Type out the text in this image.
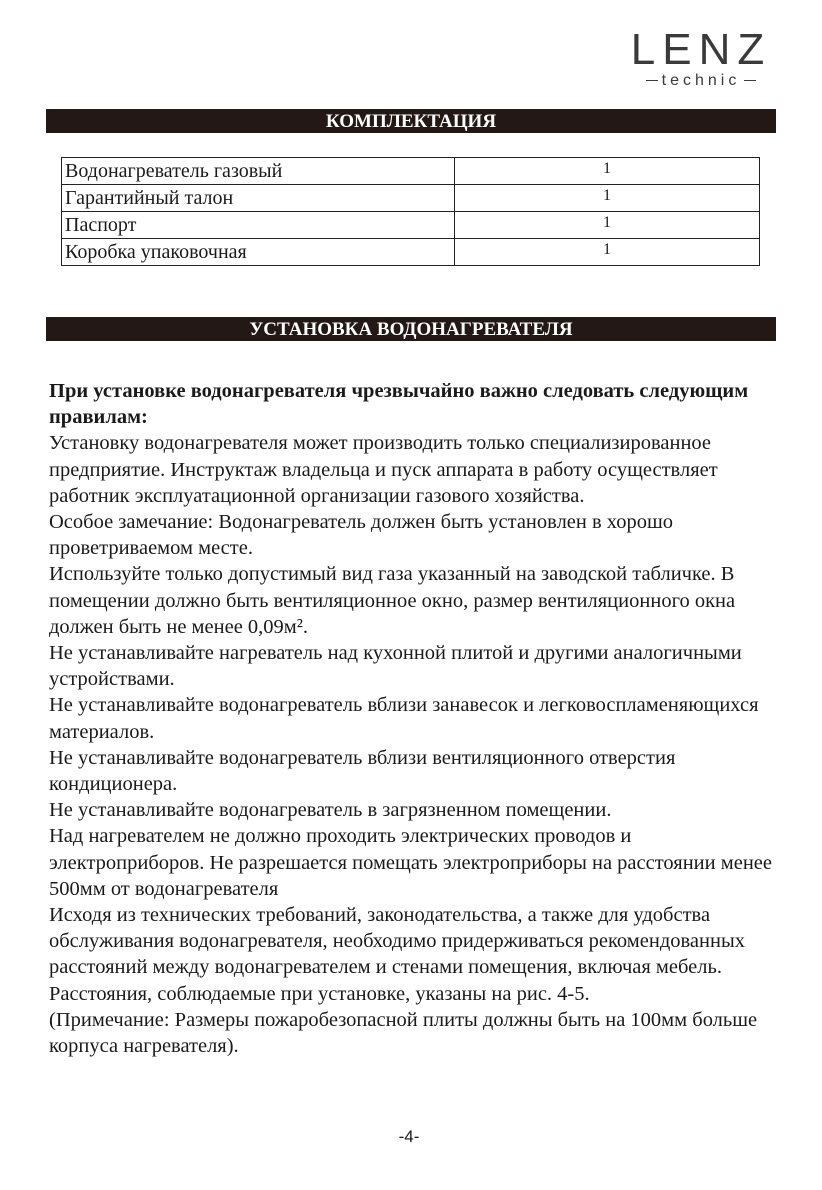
LENZ
technic
КОМПЛЕКТАЦИЯ
Водонагреватель газовый	1
Гарантийный талон	1
Паспорт	1
Коробка упаковочная	1
УСТАНОВКА ВОДОНАГРЕВАТЕЛЯ

При установке водонагревателя чрезвычайно важно следовать следующим правилам:

Установку водонагревателя может производить только специализированное предприятие. Инструктаж владельца и пуск аппарата в работу осуществляет работник эксплуатационной организации газового хозяйства.

Особое замечание: Водонагреватель должен быть установлен в хорошо проветриваемом месте.

Используйте только допустимый вид газа указанный на заводской табличке. В помещении должно быть вентиляционное окно, размер вентиляционного окна должен быть не менее 0,09м².

Не устанавливайте нагреватель над кухонной плитой и другими аналогичными устройствами.

Не устанавливайте водонагреватель вблизи занавесок и легковоспламеняющихся материалов.

Не устанавливайте водонагреватель вблизи вентиляционного отверстия кондиционера.

Не устанавливайте водонагреватель в загрязненном помещении.

Над нагревателем не должно проходить электрических проводов и электроприборов. Не разрешается помещать электроприборы на расстоянии менее 500мм от водонагревателя

Исходя из технических требований, законодательства, а также для удобства обслуживания водонагревателя, необходимо придерживаться рекомендованных расстояний между водонагревателем и стенами помещения, включая мебель.

Расстояния, соблюдаемые при установке, указаны на рис. 4-5.

(Примечание: Размеры пожаробезопасной плиты должны быть на 100мм больше корпуса нагревателя).

-4-
